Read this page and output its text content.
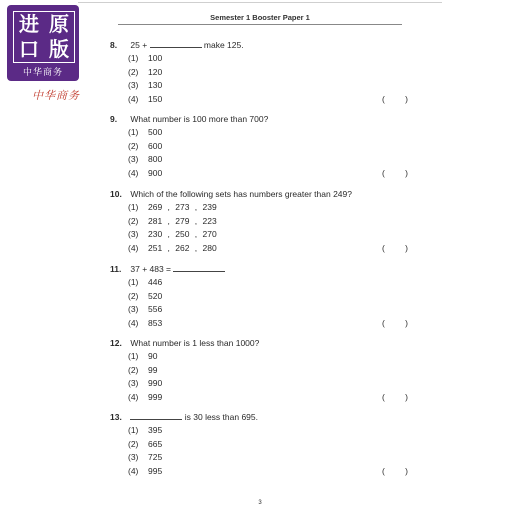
进 原
口 版
中华商务
中华商务
Semester 1 Booster Paper 1
8. 25 +	make 125.
(1) 100
(2) 120
(3) 130
(4) 150	( )
9. What number is 100 more than 700?
(1) 500
(2) 600
(3) 800
(4) 900	( )
10. Which of the following sets has numbers greater than 249?
(1) 269 , 273 , 239
(2) 281 , 279 , 223
(3) 230 , 250 , 270
(4) 251 , 262 , 280	( )
11. 37 + 483 =
(1) 446
(2) 520
(3) 556
(4) 853	( )
12. What number is 1 less than 1000?
(1) 90
(2) 99
(3) 990
(4) 999	( )
13.	is 30 less than 695.
(1) 395
(2) 665
(3) 725
(4) 995	( )
3
